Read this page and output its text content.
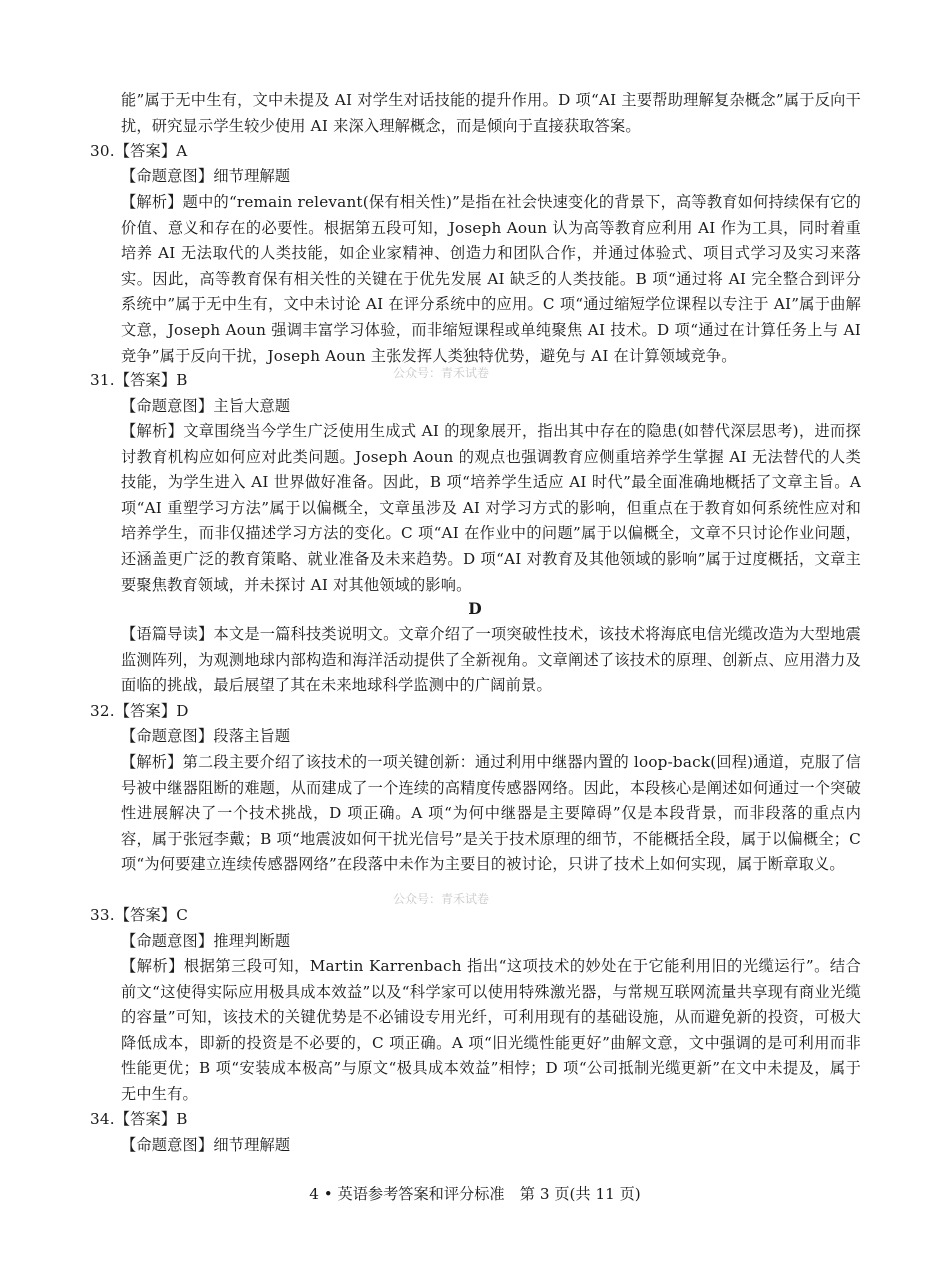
能”属于无中生有，文中未提及 AI 对学生对话技能的提升作用。D 项“AI 主要帮助理解复杂概念”属于反向干扰，研究显示学生较少使用 AI 来深入理解概念，而是倾向于直接获取答案。

30.【答案】A

【命题意图】细节理解题

【解析】题中的“remain relevant(保有相关性)”是指在社会快速变化的背景下，高等教育如何持续保有它的价值、意义和存在的必要性。根据第五段可知，Joseph Aoun 认为高等教育应利用 AI 作为工具，同时着重培养 AI 无法取代的人类技能，如企业家精神、创造力和团队合作，并通过体验式、项目式学习及实习来落实。因此，高等教育保有相关性的关键在于优先发展 AI 缺乏的人类技能。B 项“通过将 AI 完全整合到评分系统中”属于无中生有，文中未讨论 AI 在评分系统中的应用。C 项“通过缩短学位课程以专注于 AI”属于曲解文意，Joseph Aoun 强调丰富学习体验，而非缩短课程或单纯聚焦 AI 技术。D 项“通过在计算任务上与 AI 竞争”属于反向干扰，Joseph Aoun 主张发挥人类独特优势，避免与 AI 在计算领域竞争。

公众号：青禾试卷

31.【答案】B

【命题意图】主旨大意题

【解析】文章围绕当今学生广泛使用生成式 AI 的现象展开，指出其中存在的隐患(如替代深层思考)，进而探讨教育机构应如何应对此类问题。Joseph Aoun 的观点也强调教育应侧重培养学生掌握 AI 无法替代的人类技能，为学生进入 AI 世界做好准备。因此，B 项“培养学生适应 AI 时代”最全面准确地概括了文章主旨。A 项“AI 重塑学习方法”属于以偏概全，文章虽涉及 AI 对学习方式的影响，但重点在于教育如何系统性应对和培养学生，而非仅描述学习方法的变化。C 项“AI 在作业中的问题”属于以偏概全，文章不只讨论作业问题，还涵盖更广泛的教育策略、就业准备及未来趋势。D 项“AI 对教育及其他领域的影响”属于过度概括，文章主要聚焦教育领域，并未探讨 AI 对其他领域的影响。

D

【语篇导读】本文是一篇科技类说明文。文章介绍了一项突破性技术，该技术将海底电信光缆改造为大型地震监测阵列，为观测地球内部构造和海洋活动提供了全新视角。文章阐述了该技术的原理、创新点、应用潜力及面临的挑战，最后展望了其在未来地球科学监测中的广阔前景。

32.【答案】D

【命题意图】段落主旨题

【解析】第二段主要介绍了该技术的一项关键创新：通过利用中继器内置的 loop-back(回程)通道，克服了信号被中继器阻断的难题，从而建成了一个连续的高精度传感器网络。因此，本段核心是阐述如何通过一个突破性进展解决了一个技术挑战，D 项正确。A 项“为何中继器是主要障碍”仅是本段背景，而非段落的重点内容，属于张冠李戴；B 项“地震波如何干扰光信号”是关于技术原理的细节，不能概括全段，属于以偏概全；C 项“为何要建立连续传感器网络”在段落中未作为主要目的被讨论，只讲了技术上如何实现，属于断章取义。

公众号：青禾试卷

33.【答案】C

【命题意图】推理判断题

【解析】根据第三段可知，Martin Karrenbach 指出“这项技术的妙处在于它能利用旧的光缆运行”。结合前文“这使得实际应用极具成本效益”以及“科学家可以使用特殊激光器，与常规互联网流量共享现有商业光缆的容量”可知，该技术的关键优势是不必铺设专用光纤，可利用现有的基础设施，从而避免新的投资，可极大降低成本，即新的投资是不必要的，C 项正确。A 项“旧光缆性能更好”曲解文意，文中强调的是可利用而非性能更优；B 项“安装成本极高”与原文“极具成本效益”相悖；D 项“公司抵制光缆更新”在文中未提及，属于无中生有。

34.【答案】B

【命题意图】细节理解题

4 • 英语参考答案和评分标准　第 3 页(共 11 页)
